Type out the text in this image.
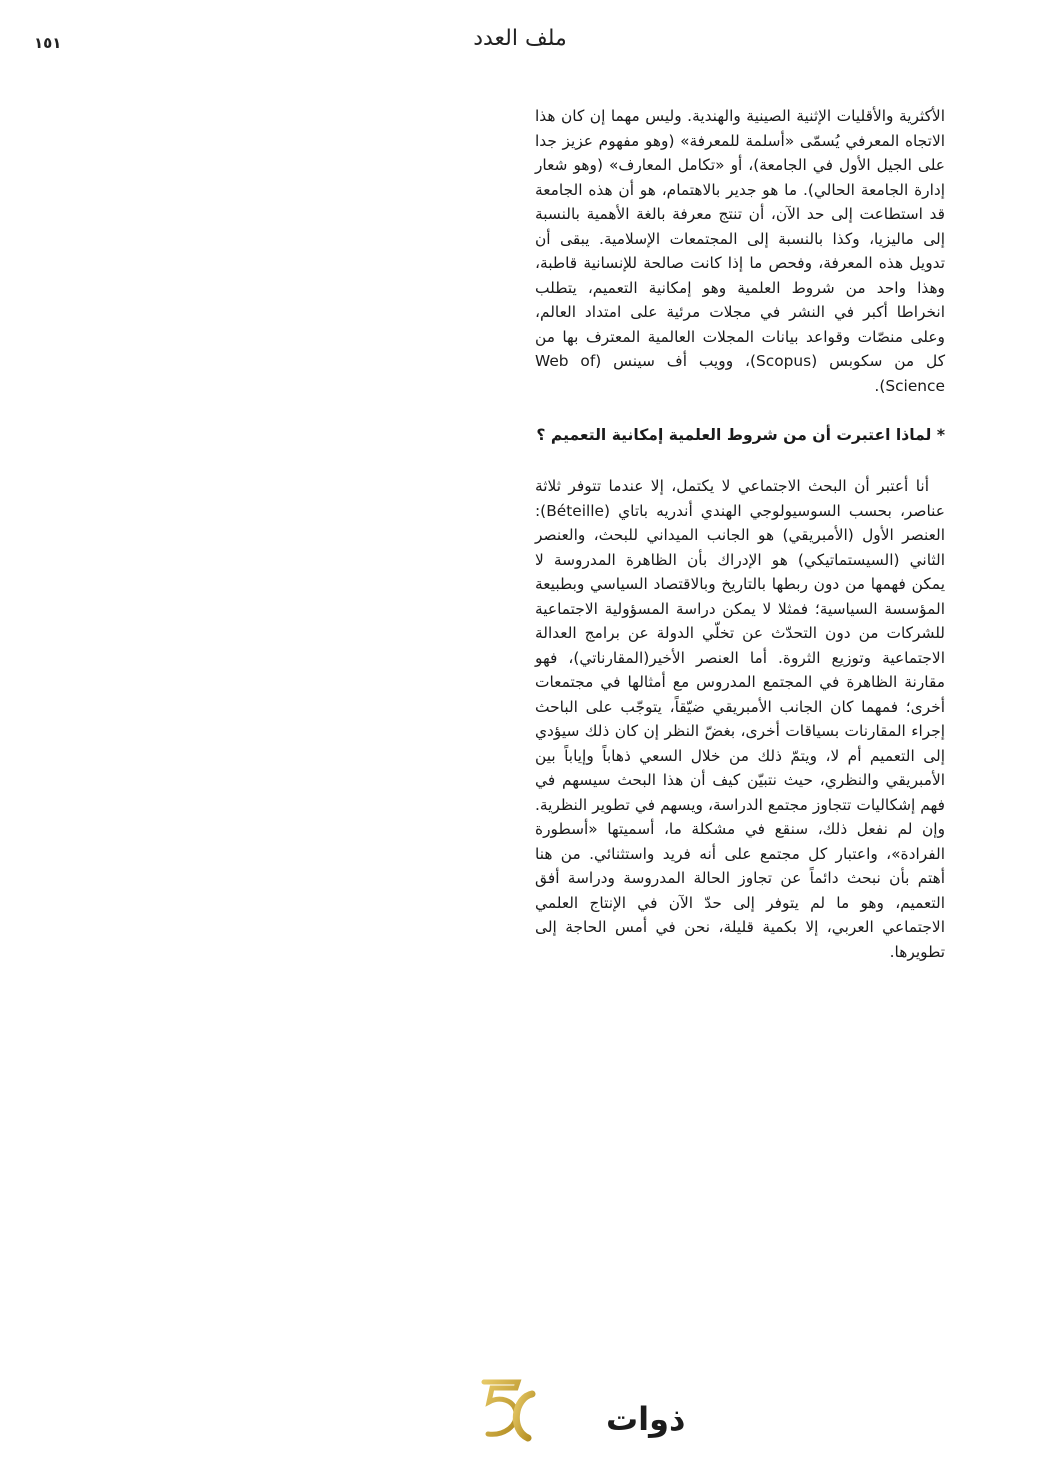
١٥١	ملف العدد

الأكثرية والأقليات الإثنية الصينية والهندية. وليس مهما إن كان هذا الاتجاه المعرفي يُسمّى «أسلمة للمعرفة» (وهو مفهوم عزيز جدا على الجيل الأول في الجامعة)، أو «تكامل المعارف» (وهو شعار إدارة الجامعة الحالي). ما هو جدير بالاهتمام، هو أن هذه الجامعة قد استطاعت إلى حد الآن، أن تنتج معرفة بالغة الأهمية بالنسبة إلى ماليزيا، وكذا بالنسبة إلى المجتمعات الإسلامية. يبقى أن تدويل هذه المعرفة، وفحص ما إذا كانت صالحة للإنسانية قاطبة، وهذا واحد من شروط العلمية وهو إمكانية التعميم، يتطلب انخراطا أكبر في النشر في مجلات مرئية على امتداد العالم، وعلى منصّات وقواعد بيانات المجلات العالمية المعترف بها من كل من سكوبس (Scopus)، وويب أف سينس (Web of Science).

* لماذا اعتبرت أن من شروط العلمية إمكانية التعميم ؟

أنا أعتبر أن البحث الاجتماعي لا يكتمل، إلا عندما تتوفر ثلاثة عناصر، بحسب السوسيولوجي الهندي أندريه باتاي (Béteille): العنصر الأول (الأمبريقي) هو الجانب الميداني للبحث، والعنصر الثاني (السيستماتيكي) هو الإدراك بأن الظاهرة المدروسة لا يمكن فهمها من دون ربطها بالتاريخ وبالاقتصاد السياسي وبطبيعة المؤسسة السياسية؛ فمثلا لا يمكن دراسة المسؤولية الاجتماعية للشركات من دون التحدّث عن تخلّي الدولة عن برامج العدالة الاجتماعية وتوزيع الثروة. أما العنصر الأخير(المقارناتي)، فهو مقارنة الظاهرة في المجتمع المدروس مع أمثالها في مجتمعات أخرى؛ فمهما كان الجانب الأمبريقي ضيّقاً، يتوجّب على الباحث إجراء المقارنات بسياقات أخرى، بغضّ النظر إن كان ذلك سيؤدي إلى التعميم أم لا، ويتمّ ذلك من خلال السعي ذهاباً وإياباً بين الأمبريقي والنظري، حيث نتبيّن كيف أن هذا البحث سيسهم في فهم إشكاليات تتجاوز مجتمع الدراسة، ويسهم في تطوير النظرية. وإن لم نفعل ذلك، سنقع في مشكلة ما، أسميتها «أسطورة الفرادة»، واعتبار كل مجتمع على أنه فريد واستثنائي. من هنا أهتم بأن نبحث دائماً عن تجاوز الحالة المدروسة ودراسة أفق التعميم، وهو ما لم يتوفر إلى حدّ الآن في الإنتاج العلمي الاجتماعي العربي، إلا بكمية قليلة، نحن في أمس الحاجة إلى تطويرها.

ذوات
